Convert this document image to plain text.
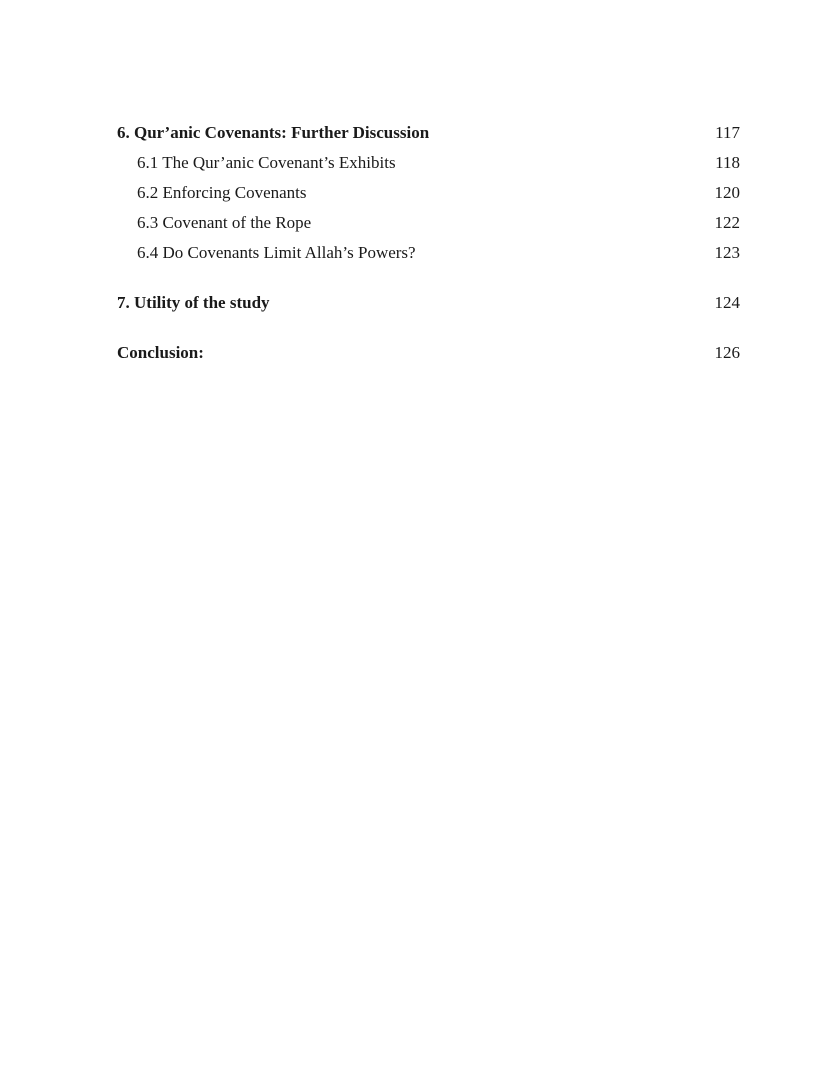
6. Qur’anic Covenants: Further Discussion	117
6.1 The Qur’anic Covenant’s Exhibits	118
6.2 Enforcing Covenants	120
6.3 Covenant of the Rope	122
6.4 Do Covenants Limit Allah’s Powers?	123
7. Utility of the study	124
Conclusion:	126
